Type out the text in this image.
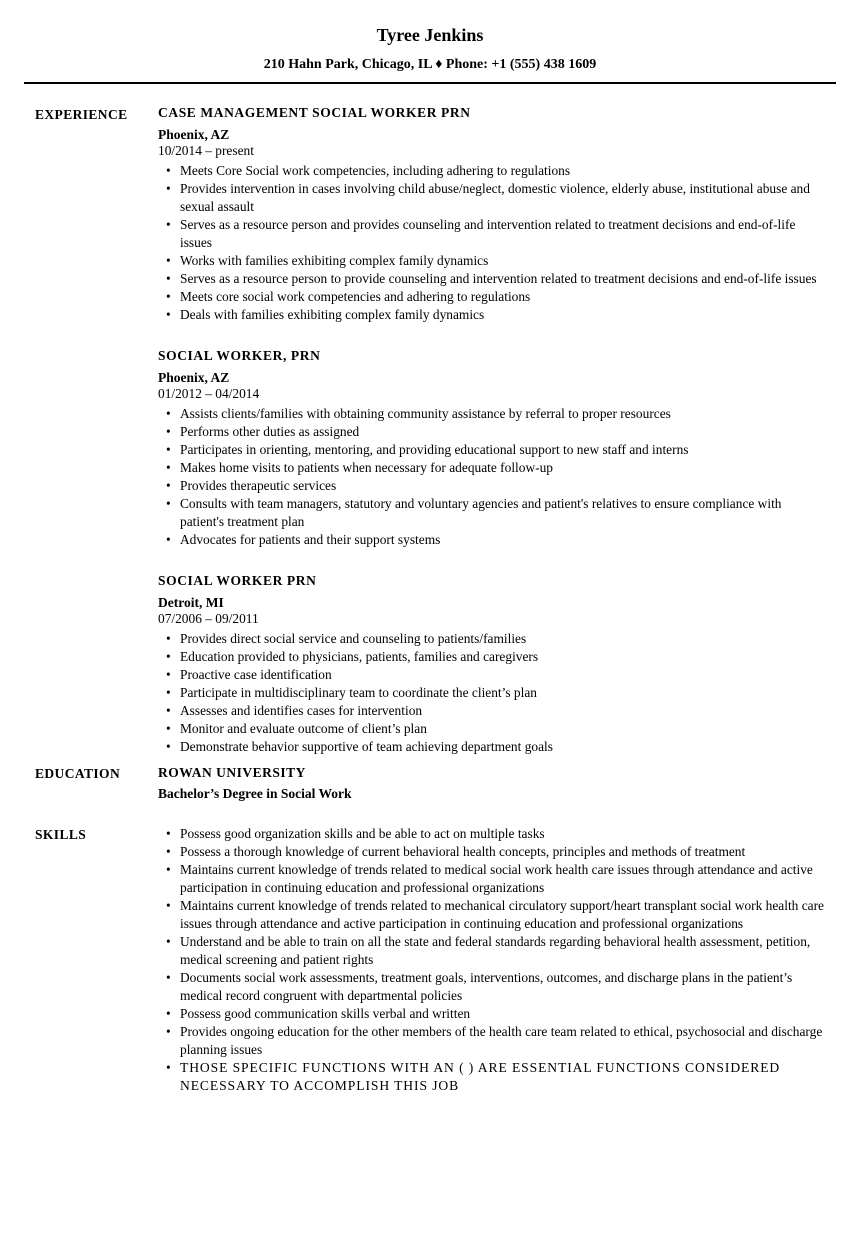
Tyree Jenkins
210 Hahn Park, Chicago, IL ♦ Phone: +1 (555) 438 1609
EXPERIENCE	CASE MANAGEMENT SOCIAL WORKER PRN
Phoenix, AZ
10/2014 – present
• Meets Core Social work competencies, including adhering to regulations
• Provides intervention in cases involving child abuse/neglect, domestic violence, elderly abuse, institutional abuse and sexual assault
• Serves as a resource person and provides counseling and intervention related to treatment decisions and end-of-life issues
• Works with families exhibiting complex family dynamics
• Serves as a resource person to provide counseling and intervention related to treatment decisions and end-of-life issues
• Meets core social work competencies and adhering to regulations
• Deals with families exhibiting complex family dynamics
SOCIAL WORKER, PRN
Phoenix, AZ
01/2012 – 04/2014
• Assists clients/families with obtaining community assistance by referral to proper resources
• Performs other duties as assigned
• Participates in orienting, mentoring, and providing educational support to new staff and interns
• Makes home visits to patients when necessary for adequate follow-up
• Provides therapeutic services
• Consults with team managers, statutory and voluntary agencies and patient's relatives to ensure compliance with patient's treatment plan
• Advocates for patients and their support systems
SOCIAL WORKER PRN
Detroit, MI
07/2006 – 09/2011
• Provides direct social service and counseling to patients/families
• Education provided to physicians, patients, families and caregivers
• Proactive case identification
• Participate in multidisciplinary team to coordinate the client’s plan
• Assesses and identifies cases for intervention
• Monitor and evaluate outcome of client’s plan
• Demonstrate behavior supportive of team achieving department goals
EDUCATION	ROWAN UNIVERSITY
Bachelor’s Degree in Social Work
SKILLS	• Possess good organization skills and be able to act on multiple tasks
• Possess a thorough knowledge of current behavioral health concepts, principles and methods of treatment
• Maintains current knowledge of trends related to medical social work health care issues through attendance and active participation in continuing education and professional organizations
• Maintains current knowledge of trends related to mechanical circulatory support/heart transplant social work health care issues through attendance and active participation in continuing education and professional organizations
• Understand and be able to train on all the state and federal standards regarding behavioral health assessment, petition, medical screening and patient rights
• Documents social work assessments, treatment goals, interventions, outcomes, and discharge plans in the patient’s medical record congruent with departmental policies
• Possess good communication skills verbal and written
• Provides ongoing education for the other members of the health care team related to ethical, psychosocial and discharge planning issues
• THOSE SPECIFIC FUNCTIONS WITH AN ( ) ARE ESSENTIAL FUNCTIONS CONSIDERED NECESSARY TO ACCOMPLISH THIS JOB
